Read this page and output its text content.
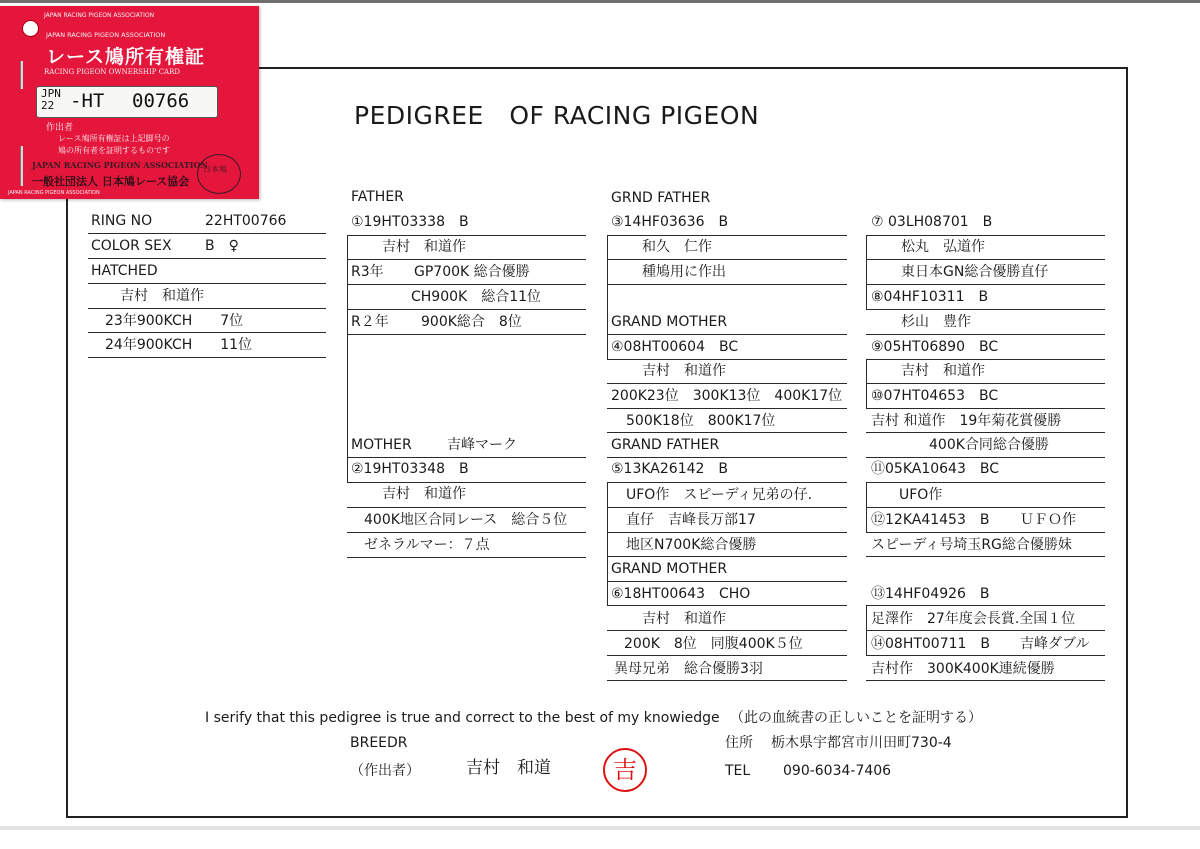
PEDIGREE　OF RACING PIGEON
RING NO	22HT00766
COLOR SEX B　♀
HATCHED
吉村　和道作
23年900KCH　　7位
24年900KCH　　11位
FATHER
①19HT03338　B
吉村　和道作
R3年 GP700K 総合優勝
CH900K　総合11位
R２年 900K総合　8位
MOTHER	吉峰マーク
②19HT03348　B
吉村　和道作
400K地区合同レース　総合５位
ゼネラルマー：７点
GRND FATHER
③14HF03636　B
和久　仁作
種鳩用に作出
GRAND MOTHER
④08HT00604　BC
吉村　和道作
200K23位　300K13位　400K17位
500K18位　800K17位
GRAND FATHER
⑤13KA26142　B
UFO作　スピーディ兄弟の仔.
直仔　吉峰長万部17
地区N700K総合優勝
GRAND MOTHER
⑥18HT00643　CHO
吉村　和道作
200K　8位　同腹400K５位
異母兄弟　総合優勝3羽
⑦ 03LH08701　B
松丸　弘道作
東日本GN総合優勝直仔
⑧04HF10311　B
杉山　豊作
⑨05HT06890　BC
吉村　和道作
⑩07HT04653　BC
吉村 和道作　19年菊花賞優勝
400K合同総合優勝
⑪05KA10643　BC
UFO作
⑫12KA41453　B ＵＦＯ作
スピーディ号埼玉RG総合優勝妹
⑬14HF04926　B
足澤作　27年度会長賞.全国１位
⑭08HT00711　B 吉峰ダブル
吉村作　300K400K連続優勝
I serify that this pedigree is true and correct to the best of my knowiedge （此の血統書の正しいことを証明する）
BREEDR
（作出者）	吉村　和道	吉
住所 栃木県宇都宮市川田町730-4
TEL 090-6034-7406
JAPAN RACING PIGEON ASSOCIATION
JAPAN RACING PIGEON ASSOCIATION
レース鳩所有権証
RACING PIGEON OWNERSHIP CARD
JPN
22 -HT 00766
作出者
レース鳩所有権証は上記脚号の
鳩の所有者を証明するものです
JAPAN RACING PIGEON ASSOCIATION
一般社団法人 日本鳩レース協会
JAPAN RACING PIGEON ASSOCIATION
日本鳩
